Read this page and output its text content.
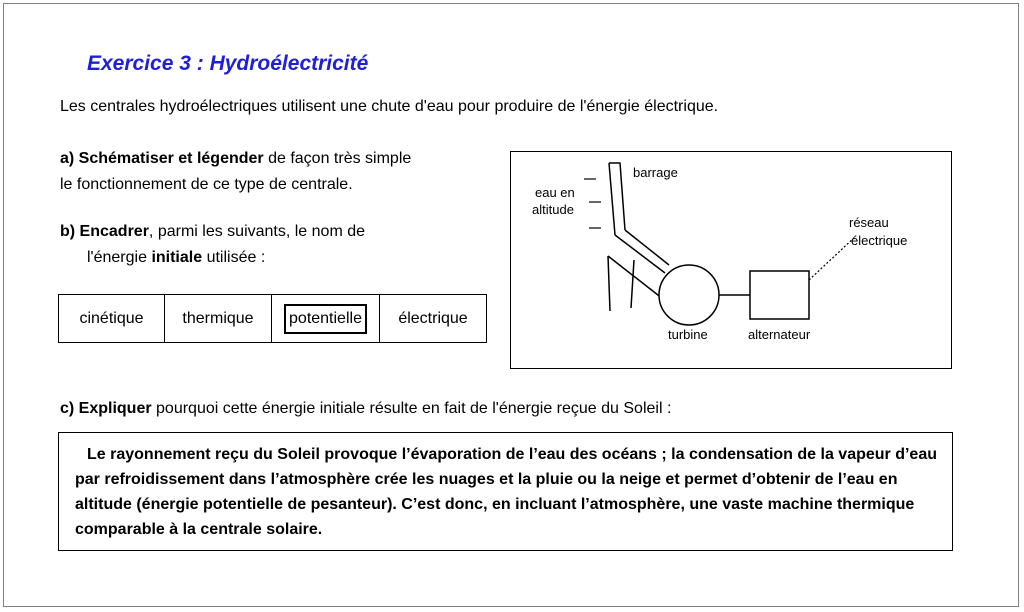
Exercice 3 : Hydroélectricité
Les centrales hydroélectriques utilisent une chute d'eau pour produire de l'énergie électrique.
a) Schématiser et légender de façon très simple
le fonctionnement de ce type de centrale.
b) Encadrer, parmi les suivants, le nom de
l'énergie initiale utilisée :
cinétique	thermique	potentielle	électrique
barrage
eau en
altitude
réseau
électrique
turbine	alternateur
c) Expliquer pourquoi cette énergie initiale résulte en fait de l'énergie reçue du Soleil :
Le rayonnement reçu du Soleil provoque l’évaporation de l’eau des océans ; la condensation de la vapeur d’eau par refroidissement dans l’atmosphère crée les nuages et la pluie ou la neige et permet d’obtenir de l’eau en altitude (énergie potentielle de pesanteur). C’est donc, en incluant l’atmosphère, une vaste machine thermique comparable à la centrale solaire.
